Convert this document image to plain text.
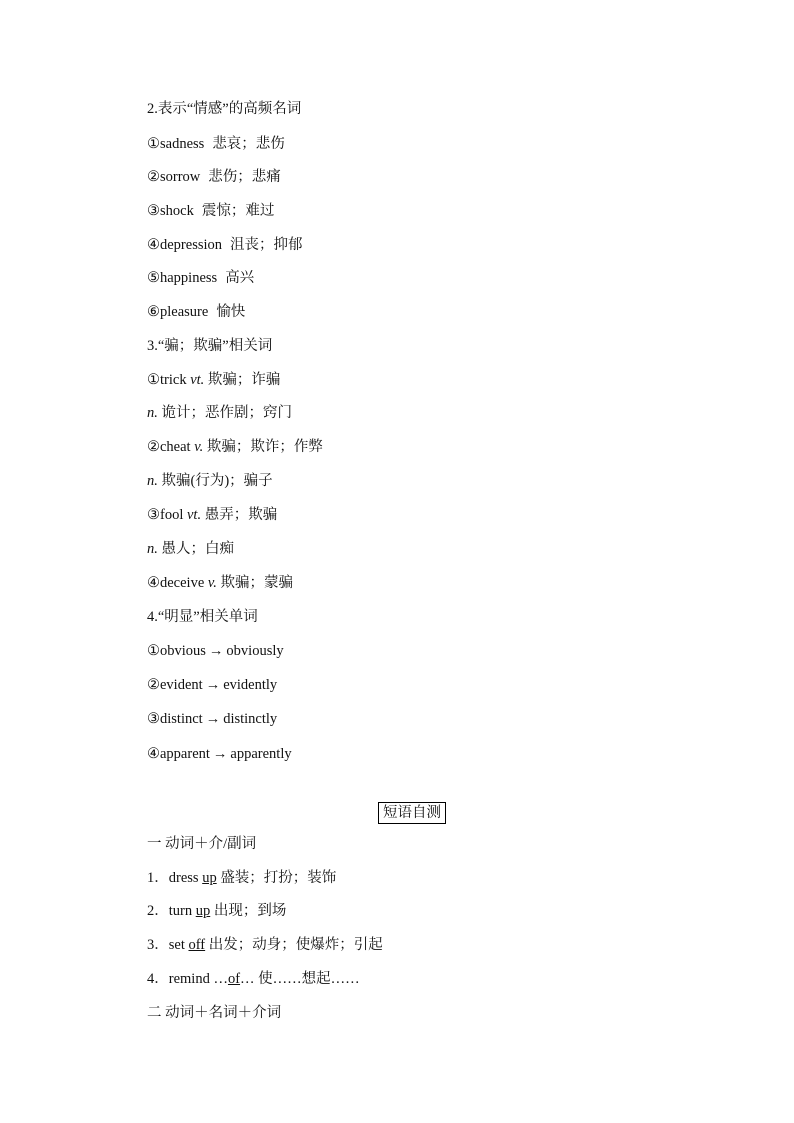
2.表示“情感”的高频名词
①sadness 悲哀；悲伤
②sorrow 悲伤；悲痛
③shock 震惊；难过
④depression 沮丧；抑郁
⑤happiness 高兴
⑥pleasure 愉快
3.“骗；欺骗”相关词
①trick vt. 欺骗；诈骗
n. 诡计；恶作剧；窍门
②cheat v. 欺骗；欺诈；作弊
n. 欺骗(行为)；骗子
③fool vt. 愚弄；欺骗
n. 愚人；白痴
④deceive v. 欺骗；蒙骗
4.“明显”相关单词
①obvious → obviously
②evident → evidently
③distinct → distinctly
④apparent → apparently
短语自测
一 动词＋介/副词
1．dress up 盛装；打扮；装饰
2．turn up 出现；到场
3．set off 出发；动身；使爆炸；引起
4．remind …of… 使……想起……
二 动词＋名词＋介词
